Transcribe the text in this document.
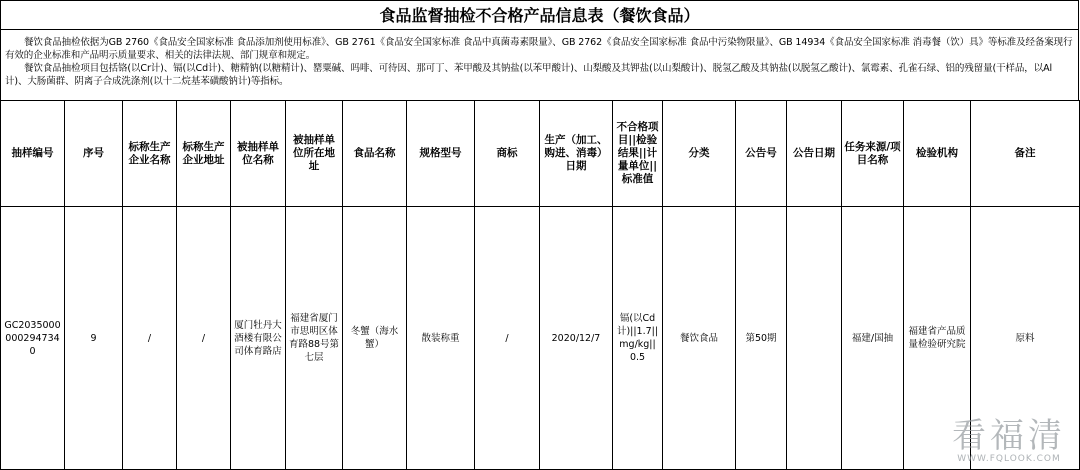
食品监督抽检不合格产品信息表（餐饮食品）

餐饮食品抽检依据为GB 2760《食品安全国家标准 食品添加剂使用标准》、GB 2761《食品安全国家标准 食品中真菌毒素限量》、GB 2762《食品安全国家标准 食品中污染物限量》、GB 14934《食品安全国家标准 消毒餐（饮）具》等标准及经备案现行有效的企业标准和产品明示质量要求、相关的法律法规、部门规章和规定。

餐饮食品抽检项目包括铬(以Cr计)、镉(以Cd计)、糖精钠(以糖精计)、罂粟碱、吗啡、可待因、那可丁、苯甲酸及其钠盐(以苯甲酸计)、山梨酸及其钾盐(以山梨酸计)、脱氢乙酸及其钠盐(以脱氢乙酸计)、氯霉素、孔雀石绿、铝的残留量(干样品，以Al计)、大肠菌群、阴离子合成洗涤剂(以十二烷基苯磺酸钠计)等指标。

抽样编号	序号	标称生产企业名称	标称生产企业地址	被抽样单位名称	被抽样单位所在地址	食品名称	规格型号	商标	生产（加工、购进、消毒）日期	不合格项目||检验结果||计量单位||标准值	分类	公告号	公告日期	任务来源/项目名称	检验机构	备注
GC20350000002947340	9	/	/	厦门牡丹大酒楼有限公司体育路店	福建省厦门市思明区体育路88号第七层	冬蟹（海水蟹）	散装称重	/	2020/12/7	镉(以Cd计)||1.7||mg/kg||0.5	餐饮食品	第50期		福建/国抽	福建省产品质量检验研究院	原料
看福清
WWW.FQLOOK.COM
